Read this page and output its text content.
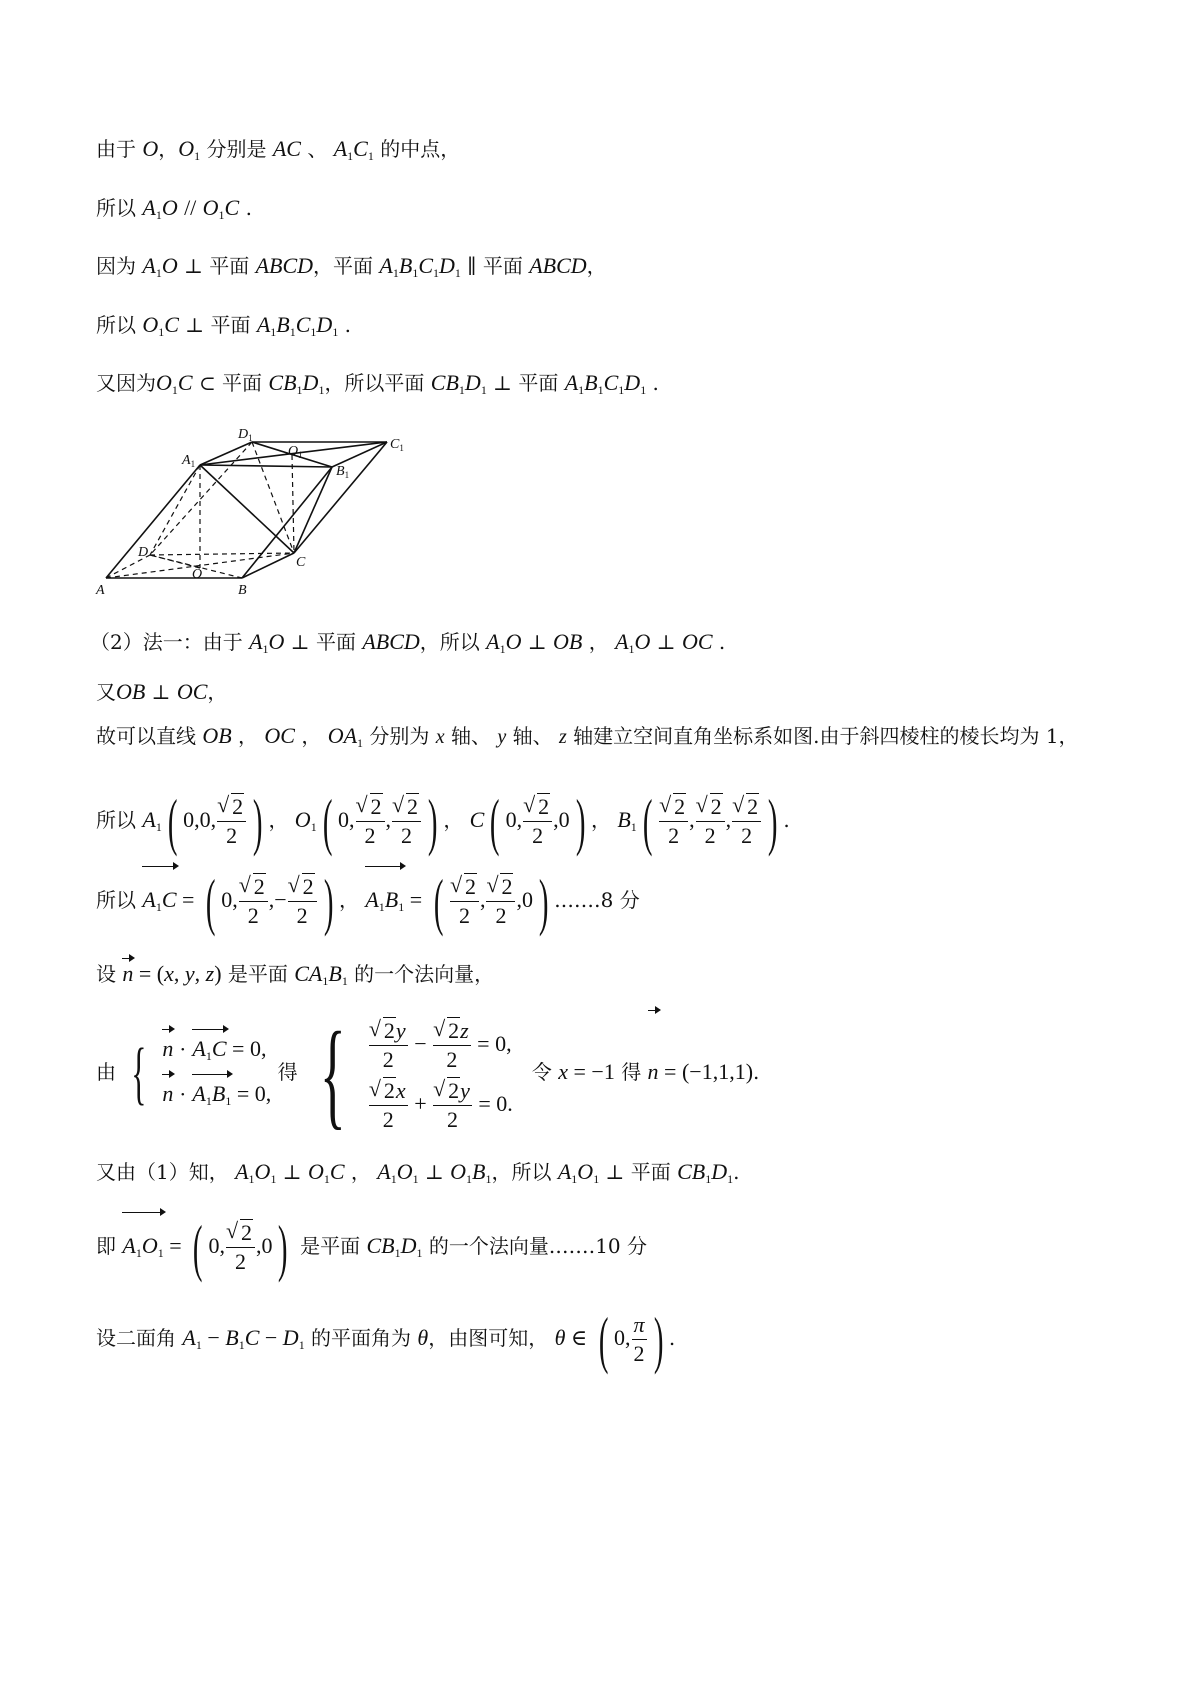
由于 O，$O_1$ 分别是 AC 、 $A_1C_1$ 的中点，
所以 $A_1O // O_1C$ .
因为 $A_1O$ ⊥ 平面 ABCD，平面 $A_1B_1C_1D_1$ ∥ 平面 ABCD，
所以 $O_1C$ ⊥ 平面 $A_1B_1C_1D_1$ .
又因为$O_1C$ ⊂ 平面 $CB_1D_1$，所以平面 $CB_1D_1$ ⊥ 平面 $A_1B_1C_1D_1$ .
$D_1$	$C_1$
$A_1$	$B_1$
$O_1$
D
C
A	B
O
（2）法一：由于 $A_1O$ ⊥ 平面 ABCD，所以 $A_1O$ ⊥ OB ， $A_1O$ ⊥ OC .
又OB ⊥ OC，
故可以直线 OB ， OC ， $OA_1$ 分别为 x 轴、 y 轴、 z 轴建立空间直角坐标系如图.由于斜四棱柱的棱长均为 1，
所以 $A_1$( 0,0, √ $\frac{2}{2}$ ) ， $O_1$( 0, √ $\frac{2}{2}$ , √ $\frac{2}{2}$ ) ， C( 0, √ $\frac{2}{2} ,0$) ， $B_1$( √ $\frac{2}{2}$ , √ $\frac{2}{2}$ , √ $\frac{2}{2}$ ) .
所以 $A_1C$ = ( 0, √ $\frac{2}{2}$ ,− √ $\frac{2}{2}$ ) ， $A_1B_1$ = ( √ $\frac{2}{2}$ , √ $\frac{2}{2} ,0$) .……8 分
设 n = (x, y, z) 是平面 $CA_1B_1$ 的一个法向量，
由 { $n \cdot A_1C = 0$,
$n \cdot A_1B_1 = 0$,
得 { √ $\frac{2y}{2}$ − √ $\frac{2z}{2} = 0$,
√ $\frac{2x}{2}$ + √ $\frac{2y}{2} = 0$.
令 x = −1 得 n = (−1,1,1).
又由（1）知， $A_1O_1$ ⊥ $O_1C$ ， $A_1O_1$ ⊥ $O_1B_1$，所以 $A_1O_1$ ⊥ 平面 $CB_1D_1$.
即 $A_1O_1$ = ( 0, √ $\frac{2}{2} ,0$) 是平面 $CB_1D_1$ 的一个法向量.……10 分
设二面角 $A_1 - B_1C - D_1$ 的平面角为 θ，由图可知， θ ∈ ( 0, $\frac{\pi}{2}$ ) .
